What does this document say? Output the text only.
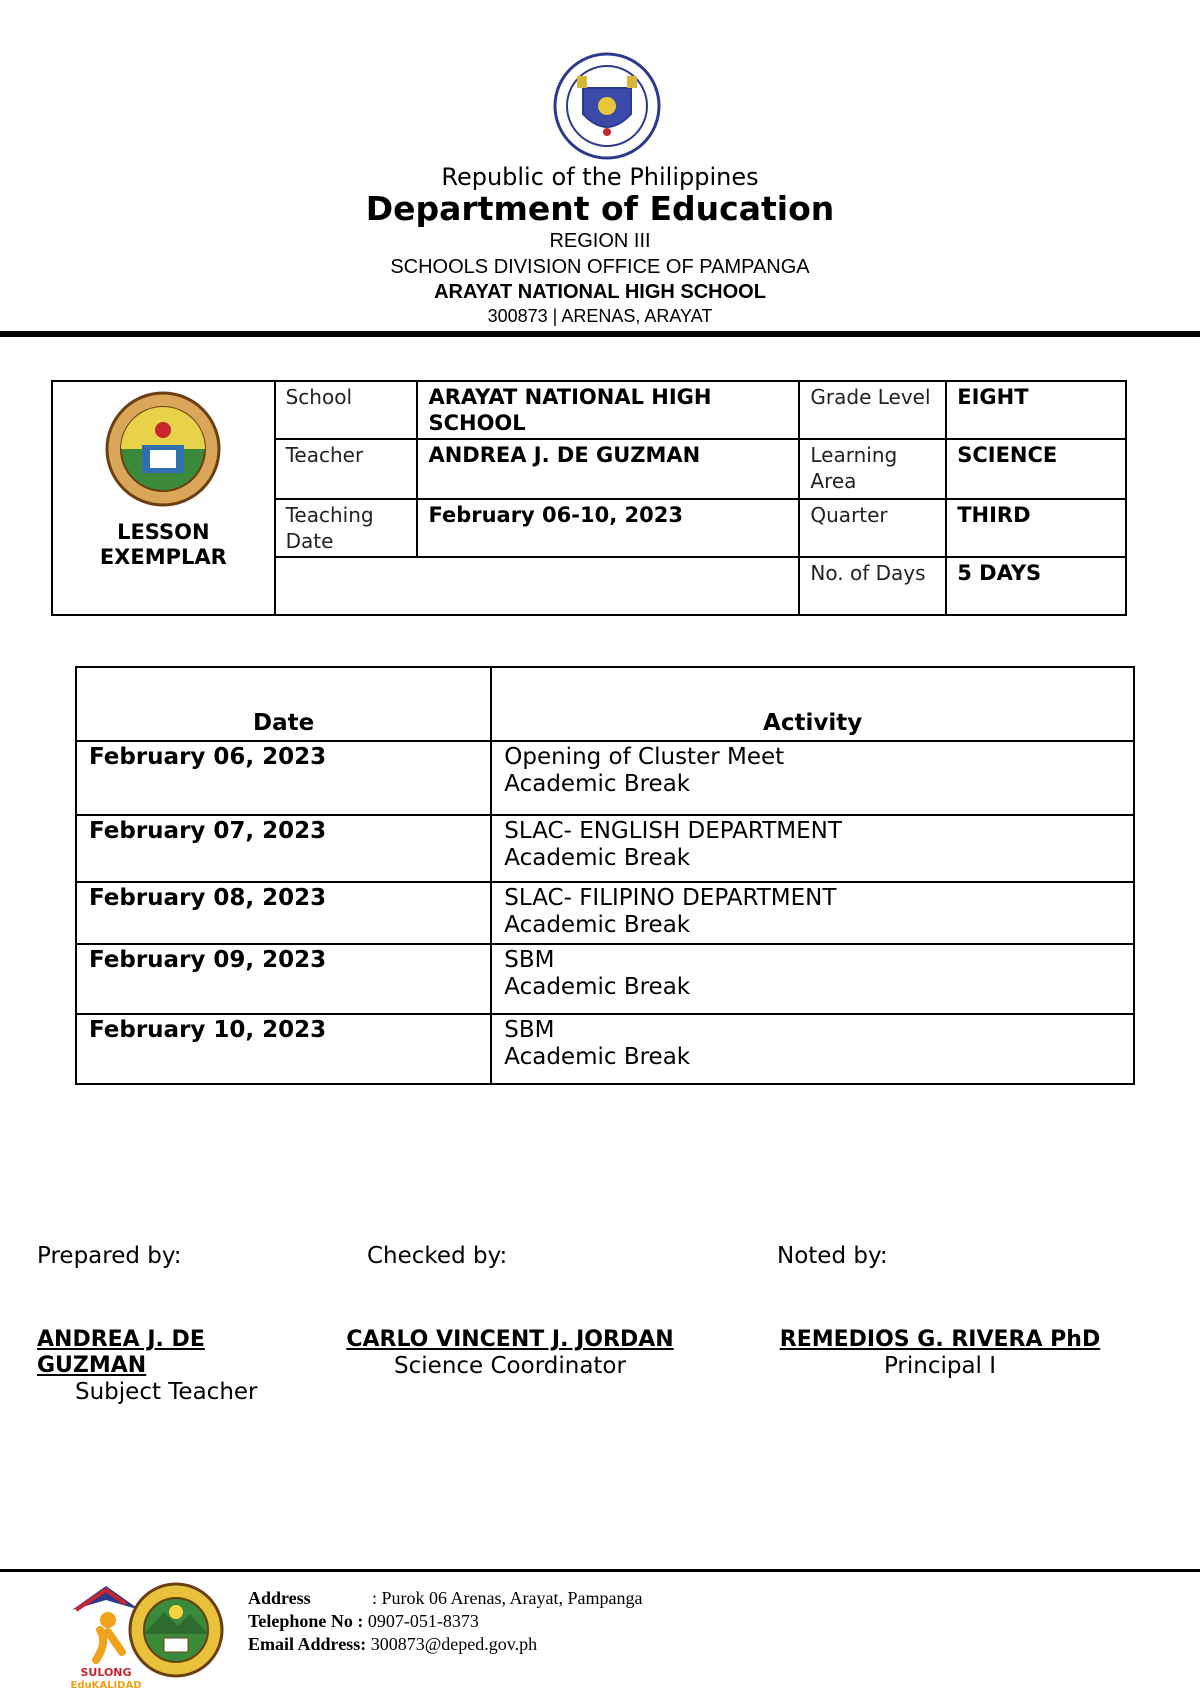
Republic of the Philippines
Department of Education
REGION III
SCHOOLS DIVISION OFFICE OF PAMPANGA
ARAYAT NATIONAL HIGH SCHOOL
300873 | ARENAS, ARAYAT
LESSON
EXEMPLAR	School	ARAYAT NATIONAL HIGH SCHOOL	Grade Level	EIGHT
	Teacher	ANDREA J. DE GUZMAN	Learning Area	SCIENCE
	Teaching Date	February 06-10, 2023	Quarter	THIRD
			No. of Days	5 DAYS
Date	Activity
February 06, 2023	Opening of Cluster Meet
Academic Break

February 07, 2023	SLAC- ENGLISH DEPARTMENT
Academic Break

February 08, 2023	SLAC- FILIPINO DEPARTMENT
Academic Break

February 09, 2023	SBM
Academic Break

February 10, 2023	SBM
Academic Break
Prepared by:	Checked by:	Noted by:
ANDREA J. DE
GUZMAN
Subject Teacher
CARLO VINCENT J. JORDAN
Science Coordinator
REMEDIOS G. RIVERA PhD
Principal I
SULONG
EduKALIDAD
Address	: Purok 06 Arenas, Arayat, Pampanga
Telephone No : 0907-051-8373
Email Address: 300873@deped.gov.ph
